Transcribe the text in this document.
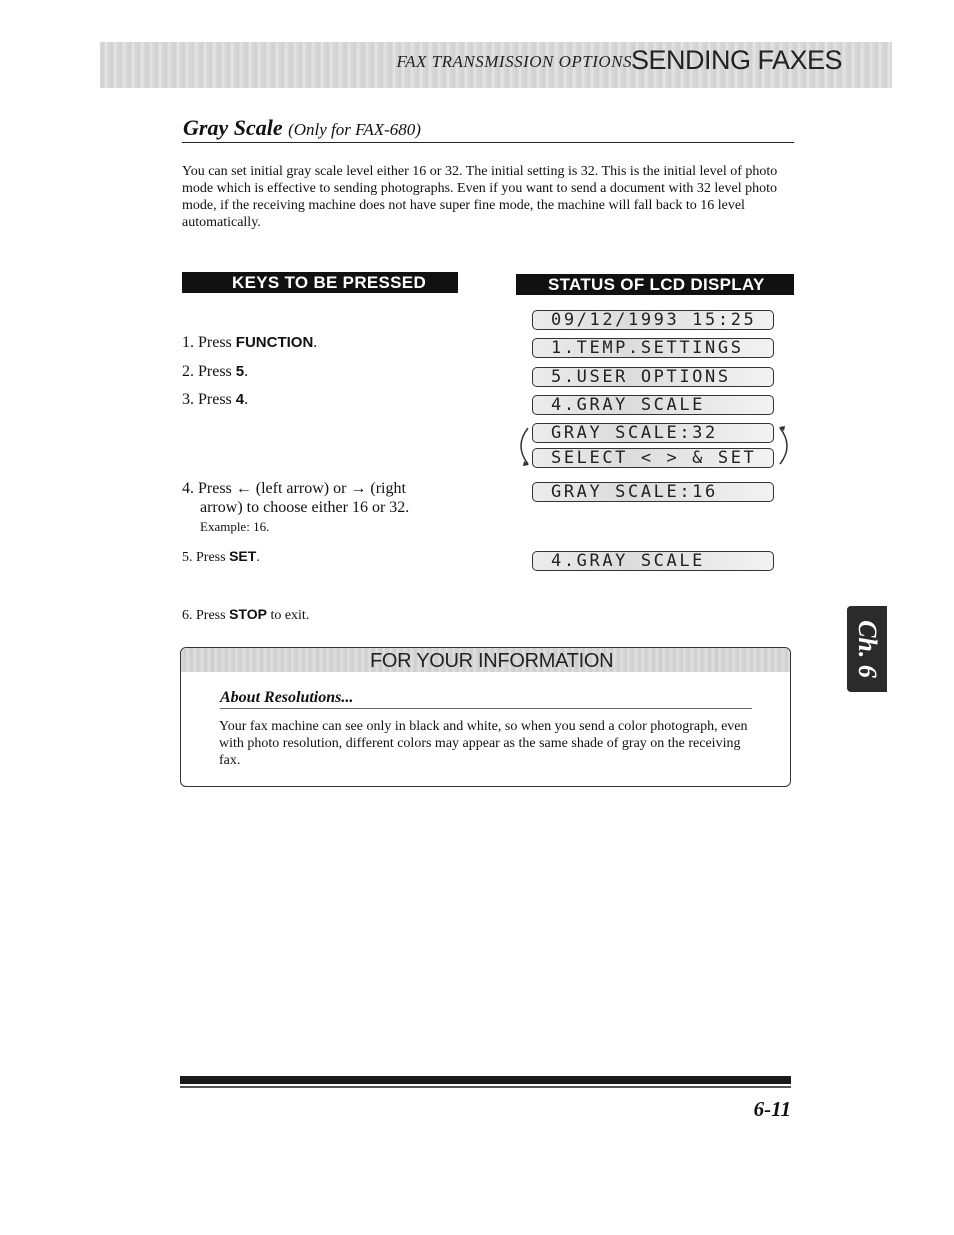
FAX TRANSMISSION OPTIONS
SENDING FAXES
Gray Scale (Only for FAX-680)

You can set initial gray scale level either 16 or 32. The initial setting is 32. This is the initial level of photo mode which is effective to sending photographs. Even if you want to send a document with 32 level photo mode, if the receiving machine does not have super fine mode, the machine will fall back to 16 level automatically.

KEYS TO BE PRESSED	STATUS OF LCD DISPLAY
1. Press FUNCTION.
2. Press 5.
3. Press 4.
4. Press ← (left arrow) or → (right
arrow) to choose either 16 or 32.
Example: 16.
5. Press SET.
6. Press STOP to exit.
09/12/1993 15:25
1.TEMP.SETTINGS
5.USER OPTIONS
4.GRAY SCALE
GRAY SCALE:32
SELECT < > & SET
GRAY SCALE:16
4.GRAY SCALE
Ch. 6
FOR YOUR INFORMATION
About Resolutions...

Your fax machine can see only in black and white, so when you send a color photograph, even with photo resolution, different colors may appear as the same shade of gray on the receiving fax.

6-11
